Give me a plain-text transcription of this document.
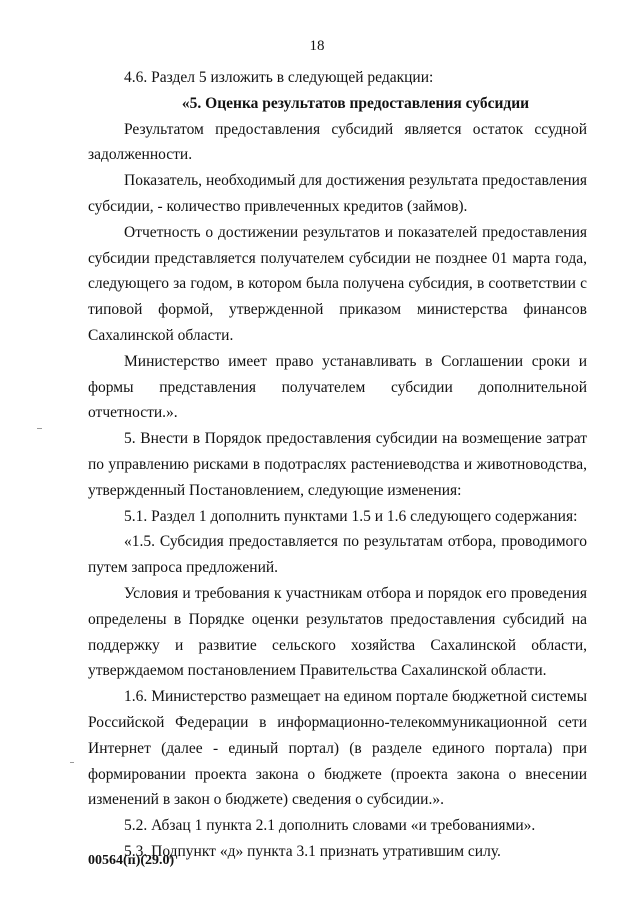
18

4.6. Раздел 5 изложить в следующей редакции:

«5. Оценка результатов предоставления субсидии

Результатом предоставления субсидий является остаток ссудной задолженности.

Показатель, необходимый для достижения результата предоставления субсидии, - количество привлеченных кредитов (займов).

Отчетность о достижении результатов и показателей предоставления субсидии представляется получателем субсидии не позднее 01 марта года, следующего за годом, в котором была получена субсидия, в соответствии с типовой формой, утвержденной приказом министерства финансов Сахалинской области.

Министерство имеет право устанавливать в Соглашении сроки и формы представления получателем субсидии дополнительной отчетности.».

5. Внести в Порядок предоставления субсидии на возмещение затрат по управлению рисками в подотраслях растениеводства и животноводства, утвержденный Постановлением, следующие изменения:

5.1. Раздел 1 дополнить пунктами 1.5 и 1.6 следующего содержания:

«1.5. Субсидия предоставляется по результатам отбора, проводимого путем запроса предложений.

Условия и требования к участникам отбора и порядок его проведения определены в Порядке оценки результатов предоставления субсидий на поддержку и развитие сельского хозяйства Сахалинской области, утверждаемом постановлением Правительства Сахалинской области.

1.6. Министерство размещает на едином портале бюджетной системы Российской Федерации в информационно-телекоммуникационной сети Интернет (далее - единый портал) (в разделе единого портала) при формировании проекта закона о бюджете (проекта закона о внесении изменений в закон о бюджете) сведения о субсидии.».

5.2. Абзац 1 пункта 2.1 дополнить словами «и требованиями».

5.3. Подпункт «д» пункта 3.1 признать утратившим силу.

00564(п)(29.0)
